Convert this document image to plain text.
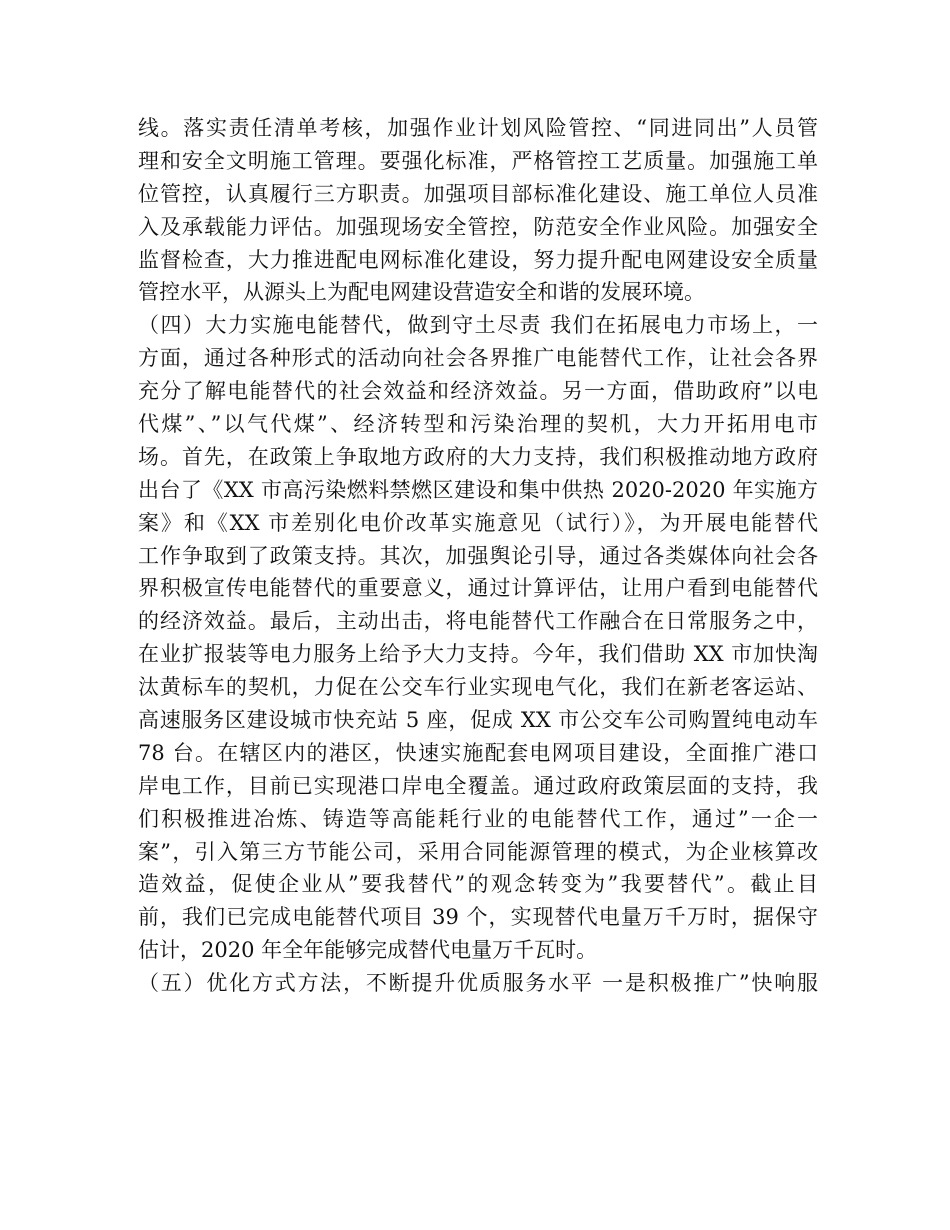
线。落实责任清单考核，加强作业计划风险管控、“同进同出”人员管
理和安全文明施工管理。要强化标准，严格管控工艺质量。加强施工单
位管控，认真履行三方职责。加强项目部标准化建设、施工单位人员准
入及承载能力评估。加强现场安全管控，防范安全作业风险。加强安全
监督检查，大力推进配电网标准化建设，努力提升配电网建设安全质量
管控水平，从源头上为配电网建设营造安全和谐的发展环境。
（四）大力实施电能替代，做到守土尽责 我们在拓展电力市场上，一
方面，通过各种形式的活动向社会各界推广电能替代工作，让社会各界
充分了解电能替代的社会效益和经济效益。另一方面，借助政府”以电
代煤”、”以气代煤”、经济转型和污染治理的契机，大力开拓用电市
场。首先，在政策上争取地方政府的大力支持，我们积极推动地方政府
出台了《XX 市高污染燃料禁燃区建设和集中供热 2020-2020 年实施方
案》和《XX 市差别化电价改革实施意见（试行）》，为开展电能替代
工作争取到了政策支持。其次，加强舆论引导，通过各类媒体向社会各
界积极宣传电能替代的重要意义，通过计算评估，让用户看到电能替代
的经济效益。最后，主动出击，将电能替代工作融合在日常服务之中，
在业扩报装等电力服务上给予大力支持。今年，我们借助 XX 市加快淘
汰黄标车的契机，力促在公交车行业实现电气化，我们在新老客运站、
高速服务区建设城市快充站 5 座，促成 XX 市公交车公司购置纯电动车
78 台。在辖区内的港区，快速实施配套电网项目建设，全面推广港口
岸电工作，目前已实现港口岸电全覆盖。通过政府政策层面的支持，我
们积极推进冶炼、铸造等高能耗行业的电能替代工作，通过”一企一
案”，引入第三方节能公司，采用合同能源管理的模式，为企业核算改
造效益，促使企业从”要我替代”的观念转变为”我要替代”。截止目
前，我们已完成电能替代项目 39 个，实现替代电量万千万时，据保守
估计，2020 年全年能够完成替代电量万千瓦时。
（五）优化方式方法，不断提升优质服务水平 一是积极推广”快响服
